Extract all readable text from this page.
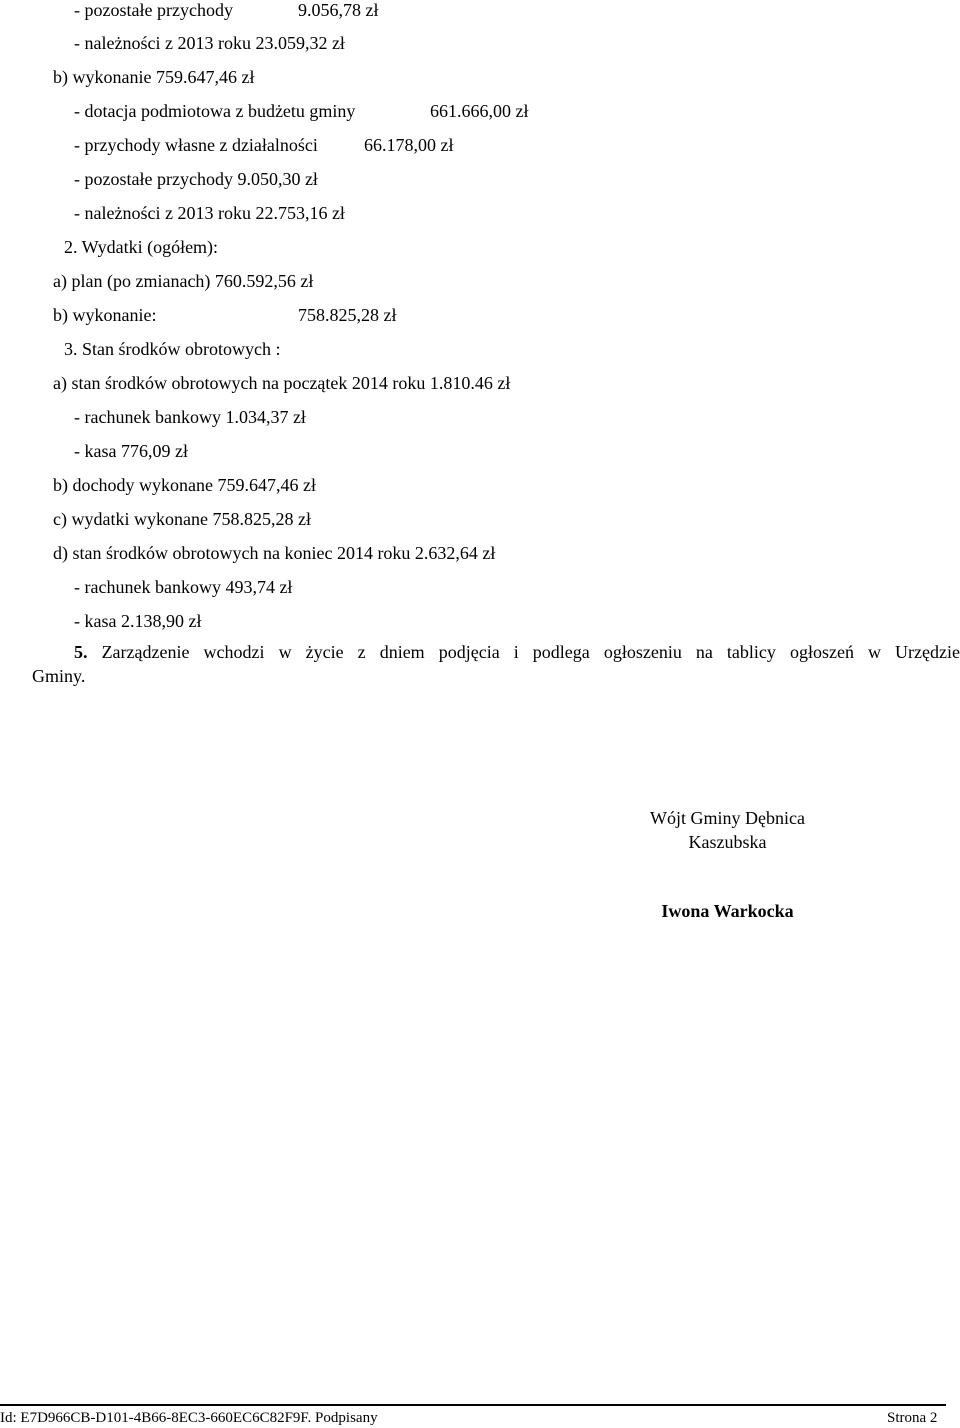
- pozostałe przychody	9.056,78 zł
- należności z 2013 roku 23.059,32 zł
b) wykonanie 759.647,46 zł
- dotacja podmiotowa z budżetu gminy	661.666,00 zł
- przychody własne z działalności	66.178,00 zł
- pozostałe przychody 9.050,30 zł
- należności z 2013 roku 22.753,16 zł
2. Wydatki (ogółem):
a) plan (po zmianach) 760.592,56 zł
b) wykonanie:	758.825,28 zł
3. Stan środków obrotowych :
a) stan środków obrotowych na początek 2014 roku 1.810.46 zł
- rachunek bankowy 1.034,37 zł
- kasa 776,09 zł
b) dochody wykonane 759.647,46 zł
c) wydatki wykonane 758.825,28 zł
d) stan środków obrotowych na koniec 2014 roku 2.632,64 zł
- rachunek bankowy 493,74 zł
- kasa 2.138,90 zł
5. Zarządzenie wchodzi w życie z dniem podjęcia i podlega ogłoszeniu na tablicy ogłoszeń w Urzędzie
Gminy.
Wójt Gminy Dębnica
Kaszubska
Iwona Warkocka
Id: E7D966CB-D101-4B66-8EC3-660EC6C82F9F. Podpisany	Strona 2
